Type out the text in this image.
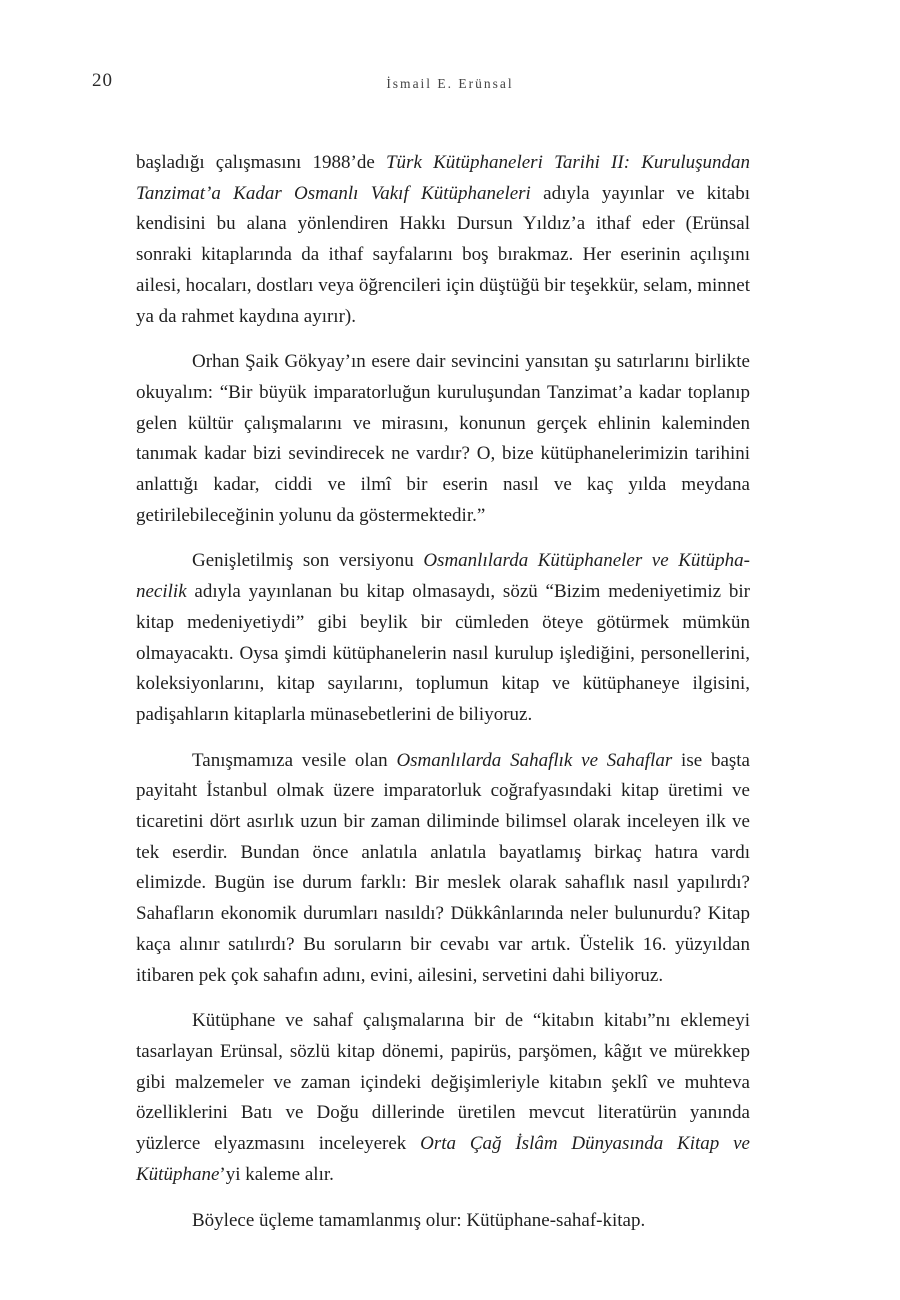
20	İsmail E. Erünsal

başladığı çalışmasını 1988’de Türk Kütüphaneleri Tarihi II: Kuruluşundan Tanzimat’a Kadar Osmanlı Vakıf Kütüphaneleri adıyla yayınlar ve kitabı kendisini bu alana yönlendiren Hakkı Dursun Yıldız’a ithaf eder (Erünsal sonraki kitaplarında da ithaf sayfalarını boş bırakmaz. Her eserinin açılışını ailesi, hocaları, dostları veya öğrencileri için düştüğü bir teşekkür, selam, minnet ya da rahmet kaydına ayırır).

Orhan Şaik Gökyay’ın esere dair sevincini yansıtan şu satırlarını birlikte okuyalım: “Bir büyük imparatorluğun kuruluşundan Tanzimat’a kadar toplanıp gelen kültür çalışmalarını ve mirasını, konunun gerçek ehlinin kaleminden tanımak kadar bizi sevindirecek ne vardır? O, bize kütüphanelerimizin tarihini anlattığı kadar, ciddi ve ilmî bir eserin nasıl ve kaç yılda meydana getirilebileceğinin yolunu da göstermektedir.”

Genişletilmiş son versiyonu Osmanlılarda Kütüphaneler ve Kütüphanecilik adıyla yayınlanan bu kitap olmasaydı, sözü “Bizim medeniyetimiz bir kitap medeniyetiydi” gibi beylik bir cümleden öteye götürmek mümkün olmayacaktı. Oysa şimdi kütüphanelerin nasıl kurulup işlediğini, personellerini, koleksiyonlarını, kitap sayılarını, toplumun kitap ve kütüphaneye ilgisini, padişahların kitaplarla münasebetlerini de biliyoruz.

Tanışmamıza vesile olan Osmanlılarda Sahaflık ve Sahaflar ise başta payitaht İstanbul olmak üzere imparatorluk coğrafyasındaki kitap üretimi ve ticaretini dört asırlık uzun bir zaman diliminde bilimsel olarak inceleyen ilk ve tek eserdir. Bundan önce anlatıla anlatıla bayatlamış birkaç hatıra vardı elimizde. Bugün ise durum farklı: Bir meslek olarak sahaflık nasıl yapılırdı? Sahafların ekonomik durumları nasıldı? Dükkânlarında neler bulunurdu? Kitap kaça alınır satılırdı? Bu soruların bir cevabı var artık. Üstelik 16. yüzyıldan itibaren pek çok sahafın adını, evini, ailesini, servetini dahi biliyoruz.

Kütüphane ve sahaf çalışmalarına bir de “kitabın kitabı”nı eklemeyi tasarlayan Erünsal, sözlü kitap dönemi, papirüs, parşömen, kâğıt ve mürekkep gibi malzemeler ve zaman içindeki değişimleriyle kitabın şeklî ve muhteva özelliklerini Batı ve Doğu dillerinde üretilen mevcut literatürün yanında yüzlerce elyazmasını inceleyerek Orta Çağ İslâm Dünyasında Kitap ve Kütüphane’yi kaleme alır.

Böylece üçleme tamamlanmış olur: Kütüphane-sahaf-kitap.
